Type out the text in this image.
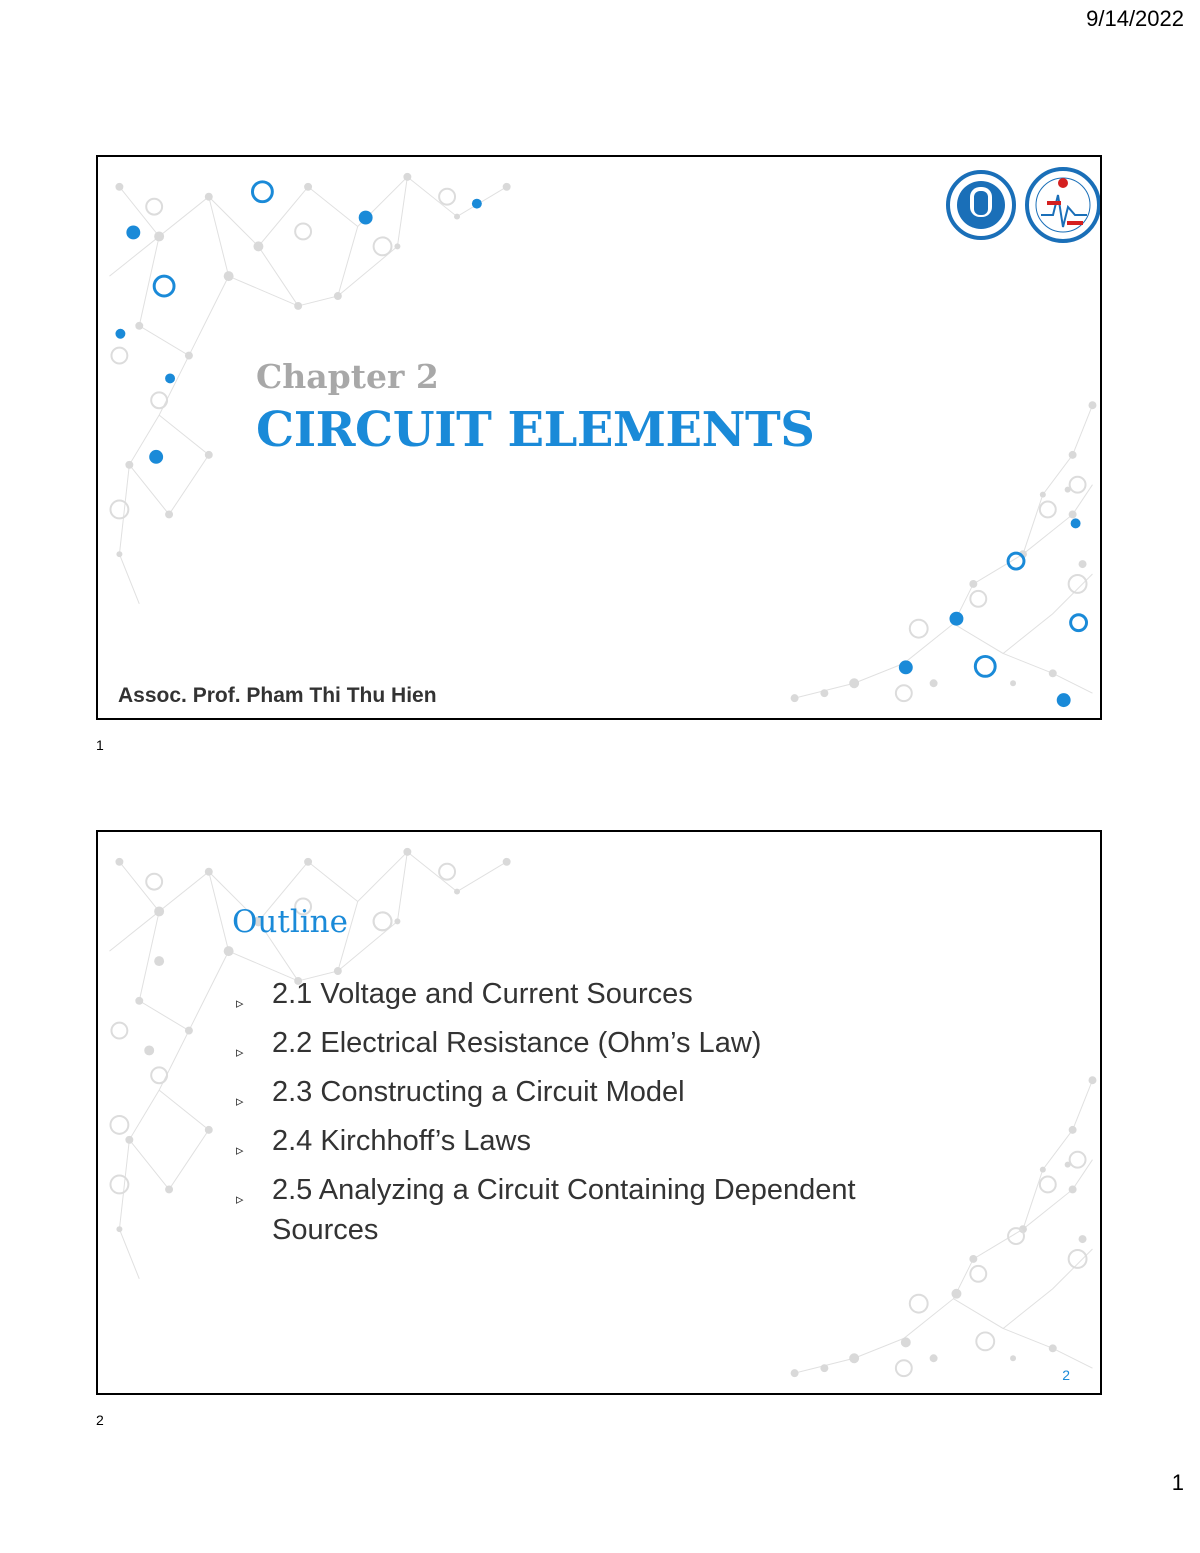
9/14/2022
Chapter 2
CIRCUIT ELEMENTS
Assoc. Prof. Pham Thi Thu Hien
1
Outline
▹ 2.1 Voltage and Current Sources
▹ 2.2 Electrical Resistance (Ohm’s Law)
▹ 2.3 Constructing a Circuit Model
▹ 2.4 Kirchhoff’s Laws
▹ 2.5 Analyzing a Circuit Containing Dependent Sources
2
2
1
